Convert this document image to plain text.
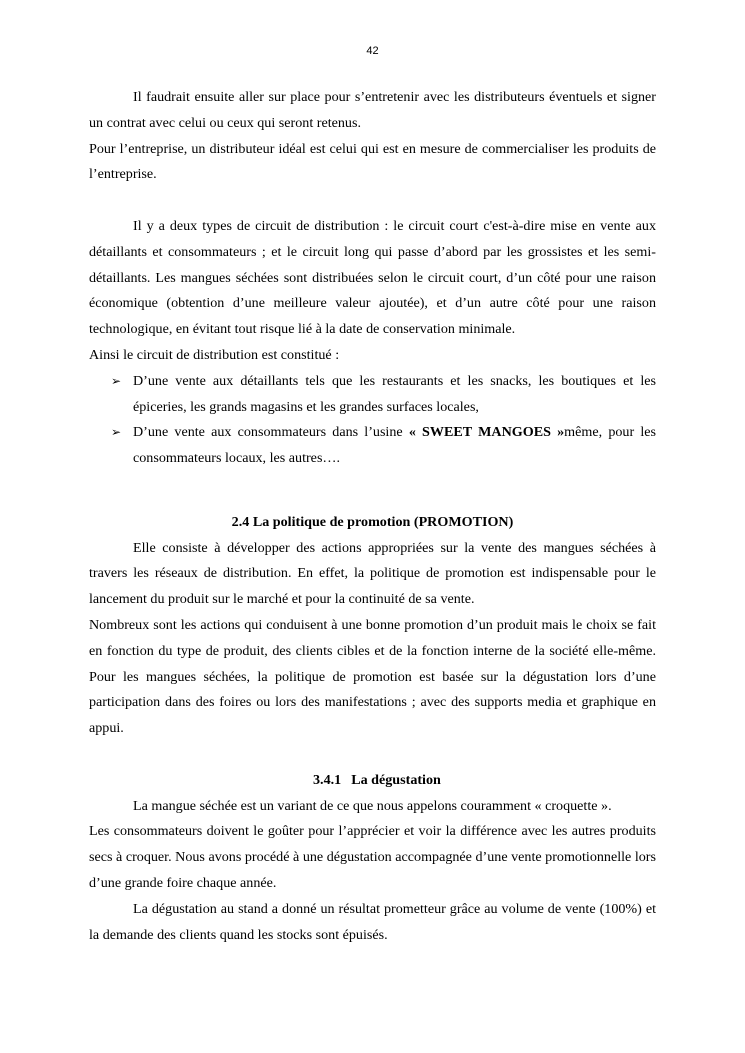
42

Il faudrait ensuite aller sur place pour s’entretenir avec les distributeurs éventuels et signer un contrat avec celui ou ceux qui seront retenus.

Pour l’entreprise, un distributeur idéal est celui qui est en mesure de commercialiser les produits de l’entreprise.

Il y a deux types de circuit de distribution : le circuit court c'est-à-dire mise en vente aux détaillants et consommateurs ; et le circuit long qui passe d’abord par les grossistes et les semi-détaillants. Les mangues séchées sont distribuées selon le circuit court, d’un côté pour une raison économique (obtention d’une meilleure valeur ajoutée), et d’un autre côté pour une raison technologique, en évitant tout risque lié à la date de conservation minimale.

Ainsi le circuit de distribution est constitué :

➢ D’une vente aux détaillants tels que les restaurants et les snacks, les boutiques et les épiceries, les grands magasins et les grandes surfaces locales,
➢ D’une vente aux consommateurs dans l’usine « SWEET MANGOES »même, pour les consommateurs locaux, les autres….

2.4 La politique de promotion (PROMOTION)

Elle consiste à développer des actions appropriées sur la vente des mangues séchées à travers les réseaux de distribution. En effet, la politique de promotion est indispensable pour le lancement du produit sur le marché et pour la continuité de sa vente.

Nombreux sont les actions qui conduisent à une bonne promotion d’un produit mais le choix se fait en fonction du type de produit, des clients cibles et de la fonction interne de la société elle-même. Pour les mangues séchées, la politique de promotion est basée sur la dégustation lors d’une participation dans des foires ou lors des manifestations ; avec des supports media et graphique en appui.

3.4.1 La dégustation

La mangue séchée est un variant de ce que nous appelons couramment « croquette ».

Les consommateurs doivent le goûter pour l’apprécier et voir la différence avec les autres produits secs à croquer. Nous avons procédé à une dégustation accompagnée d’une vente promotionnelle lors d’une grande foire chaque année.

La dégustation au stand a donné un résultat prometteur grâce au volume de vente (100%) et la demande des clients quand les stocks sont épuisés.
